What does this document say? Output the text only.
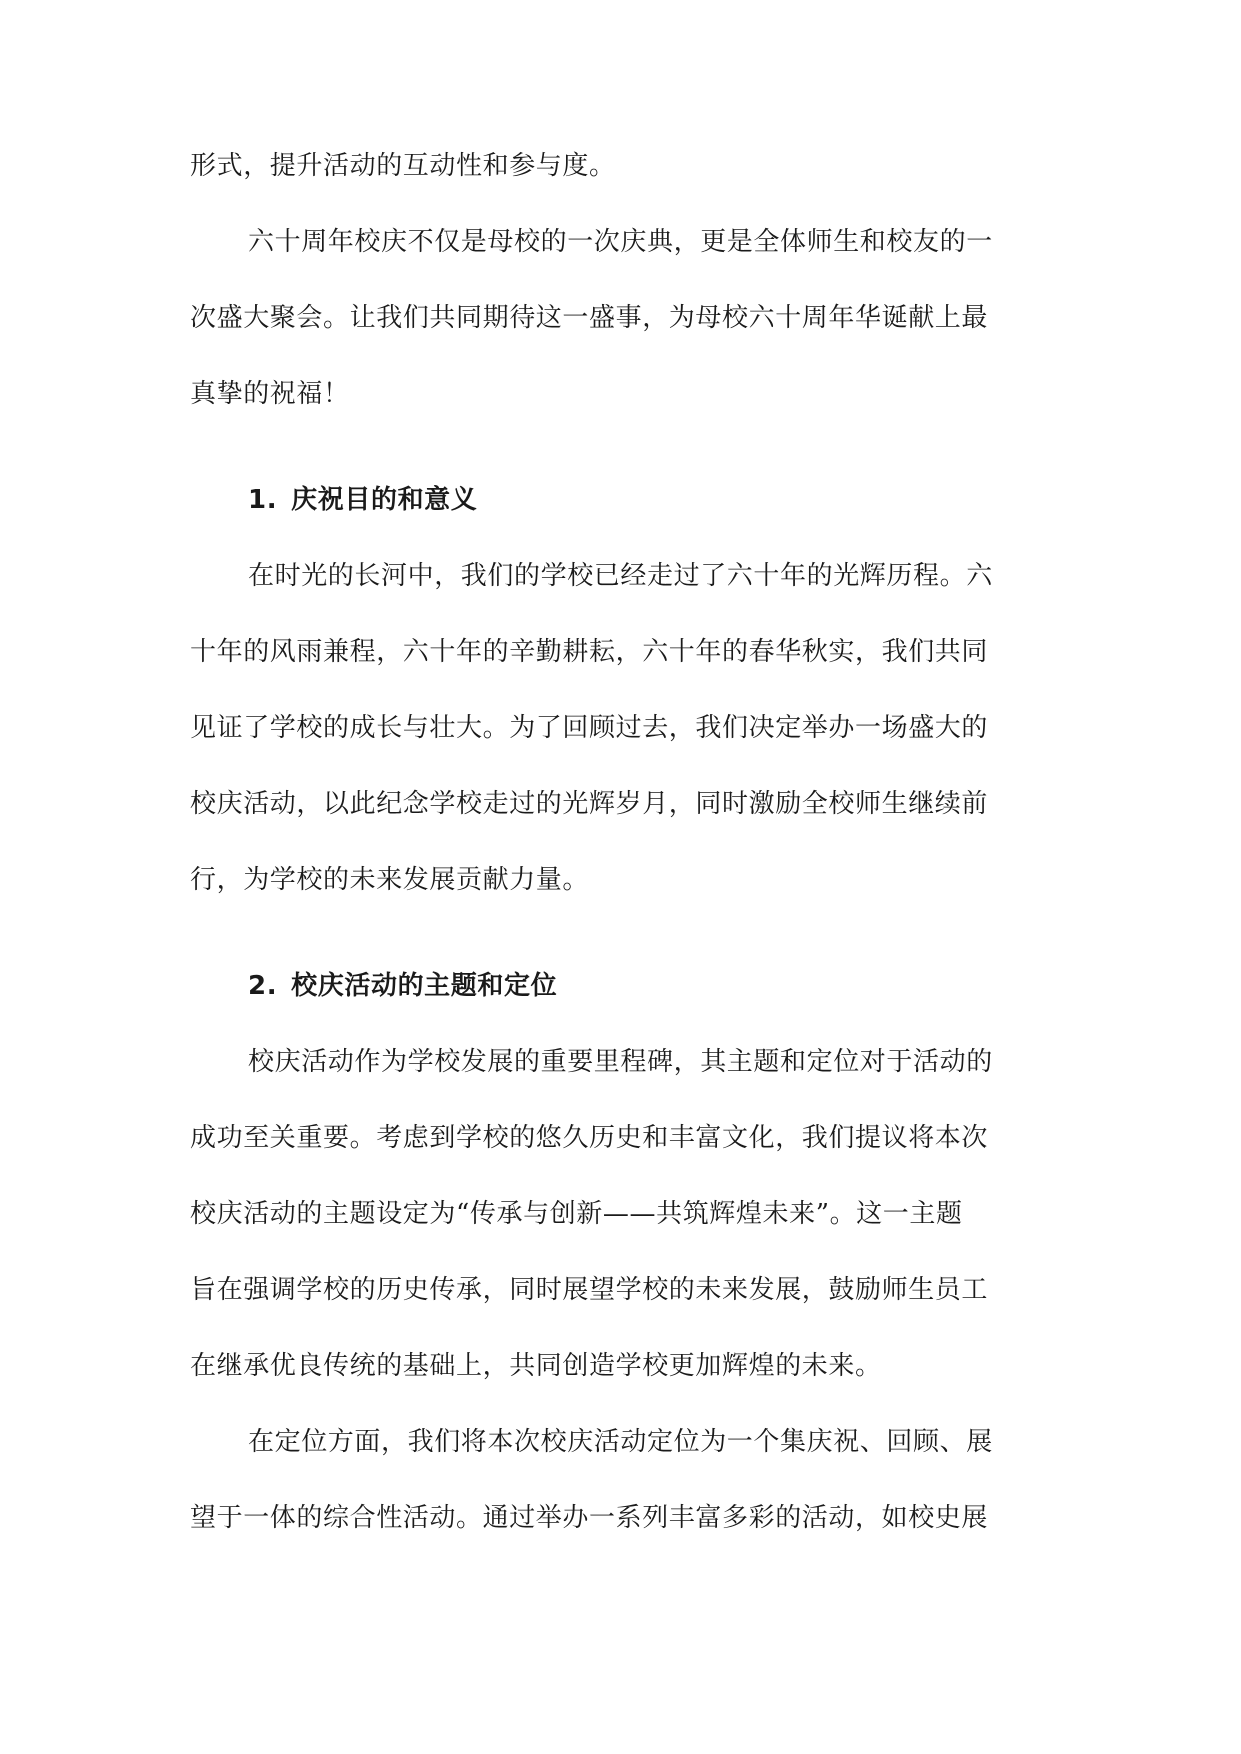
形式，提升活动的互动性和参与度。
六十周年校庆不仅是母校的一次庆典，更是全体师生和校友的一
次盛大聚会。让我们共同期待这一盛事，为母校六十周年华诞献上最
真挚的祝福！
1. 庆祝目的和意义
在时光的长河中，我们的学校已经走过了六十年的光辉历程。六
十年的风雨兼程，六十年的辛勤耕耘，六十年的春华秋实，我们共同
见证了学校的成长与壮大。为了回顾过去，我们决定举办一场盛大的
校庆活动，以此纪念学校走过的光辉岁月，同时激励全校师生继续前
行，为学校的未来发展贡献力量。
2. 校庆活动的主题和定位
校庆活动作为学校发展的重要里程碑，其主题和定位对于活动的
成功至关重要。考虑到学校的悠久历史和丰富文化，我们提议将本次
校庆活动的主题设定为“传承与创新——共筑辉煌未来”。这一主题
旨在强调学校的历史传承，同时展望学校的未来发展，鼓励师生员工
在继承优良传统的基础上，共同创造学校更加辉煌的未来。
在定位方面，我们将本次校庆活动定位为一个集庆祝、回顾、展
望于一体的综合性活动。通过举办一系列丰富多彩的活动，如校史展
